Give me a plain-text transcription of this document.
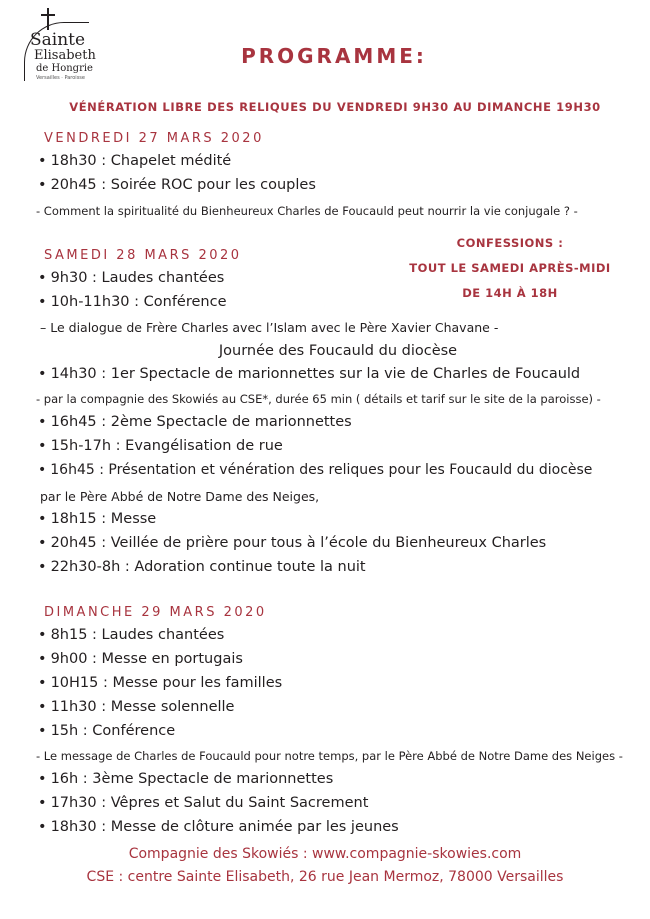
Sainte
Elisabeth
de Hongrie
Versailles · Paroisse
PROGRAMME:
VÉNÉRATION LIBRE DES RELIQUES DU VENDREDI 9H30 AU DIMANCHE 19H30
VENDREDI 27 MARS 2020
• 18h30 : Chapelet médité
• 20h45 : Soirée ROC pour les couples
- Comment la spiritualité du Bienheureux Charles de Foucauld peut nourrir la vie conjugale ? -
SAMEDI 28 MARS 2020
CONFESSIONS :
TOUT LE SAMEDI APRÈS-MIDI
DE 14H À 18H
• 9h30 : Laudes chantées
• 10h-11h30 : Conférence
– Le dialogue de Frère Charles avec l’Islam avec le Père Xavier Chavane -
Journée des Foucauld du diocèse
• 14h30 : 1er Spectacle de marionnettes sur la vie de Charles de Foucauld
- par la compagnie des Skowiés au CSE*, durée 65 min ( détails et tarif sur le site de la paroisse) -
• 16h45 : 2ème Spectacle de marionnettes
• 15h-17h : Evangélisation de rue
• 16h45 : Présentation et vénération des reliques pour les Foucauld du diocèse
par le Père Abbé de Notre Dame des Neiges,
• 18h15 : Messe
• 20h45 : Veillée de prière pour tous à l’école du Bienheureux Charles
• 22h30-8h : Adoration continue toute la nuit
DIMANCHE 29 MARS 2020
• 8h15 : Laudes chantées
• 9h00 : Messe en portugais
• 10H15 : Messe pour les familles
• 11h30 : Messe solennelle
• 15h : Conférence
- Le message de Charles de Foucauld pour notre temps, par le Père Abbé de Notre Dame des Neiges -
• 16h : 3ème Spectacle de marionnettes
• 17h30 : Vêpres et Salut du Saint Sacrement
• 18h30 : Messe de clôture animée par les jeunes
Compagnie des Skowiés : www.compagnie-skowies.com
CSE : centre Sainte Elisabeth, 26 rue Jean Mermoz, 78000 Versailles
